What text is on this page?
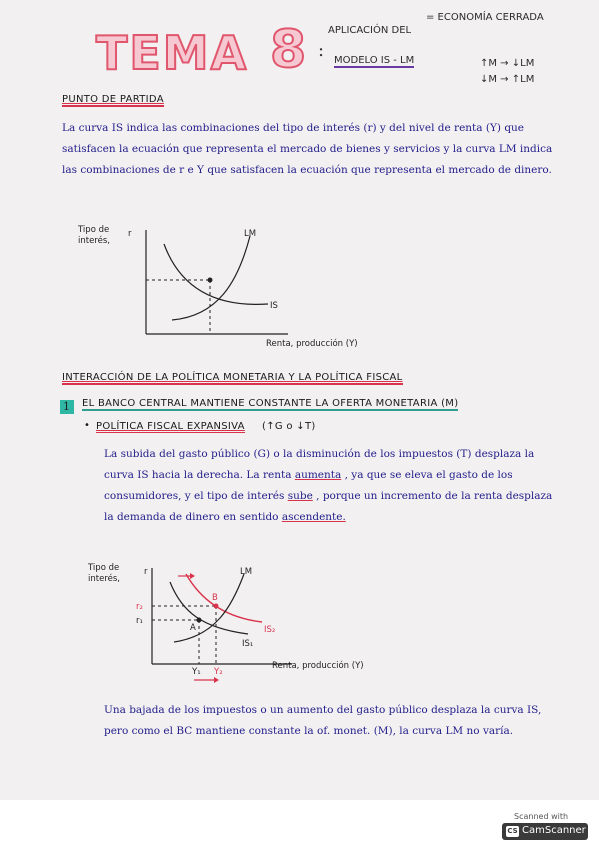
TEMA 8 :
APLICACIÓN DEL
= ECONOMÍA CERRADA
MODELO IS - LM	↑M → ↓LM
↓M → ↑LM
PUNTO DE PARTIDA
La curva IS indica las combinaciones del tipo de interés (r) y del nivel de renta (Y) que satisfacen la ecuación que representa el mercado de bienes y servicios y la curva LM indica las combinaciones de r e Y que satisfacen la ecuación que representa el mercado de dinero.
Tipo de
interés,
r	LM
IS
Renta, producción (Y)
INTERACCIÓN DE LA POLÍTICA MONETARIA Y LA POLÍTICA FISCAL
1 EL BANCO CENTRAL MANTIENE CONSTANTE LA OFERTA MONETARIA (M)
• POLÍTICA FISCAL EXPANSIVA (↑G o ↓T)
La subida del gasto público (G) o la disminución de los impuestos (T) desplaza la curva IS hacia la derecha. La renta aumenta , ya que se eleva el gasto de los consumidores, y el tipo de interés sube , porque un incremento de la renta desplaza la demanda de dinero en sentido ascendente.
Tipo de
interés,
r	LM
IS₂
IS₁
r₂
r₁
A
B
Y₁ Y₂
Renta, producción (Y)
Una bajada de los impuestos o un aumento del gasto público desplaza la curva IS, pero como el BC mantiene constante la of. monet. (M), la curva LM no varía.
Scanned with
CS CamScanner
